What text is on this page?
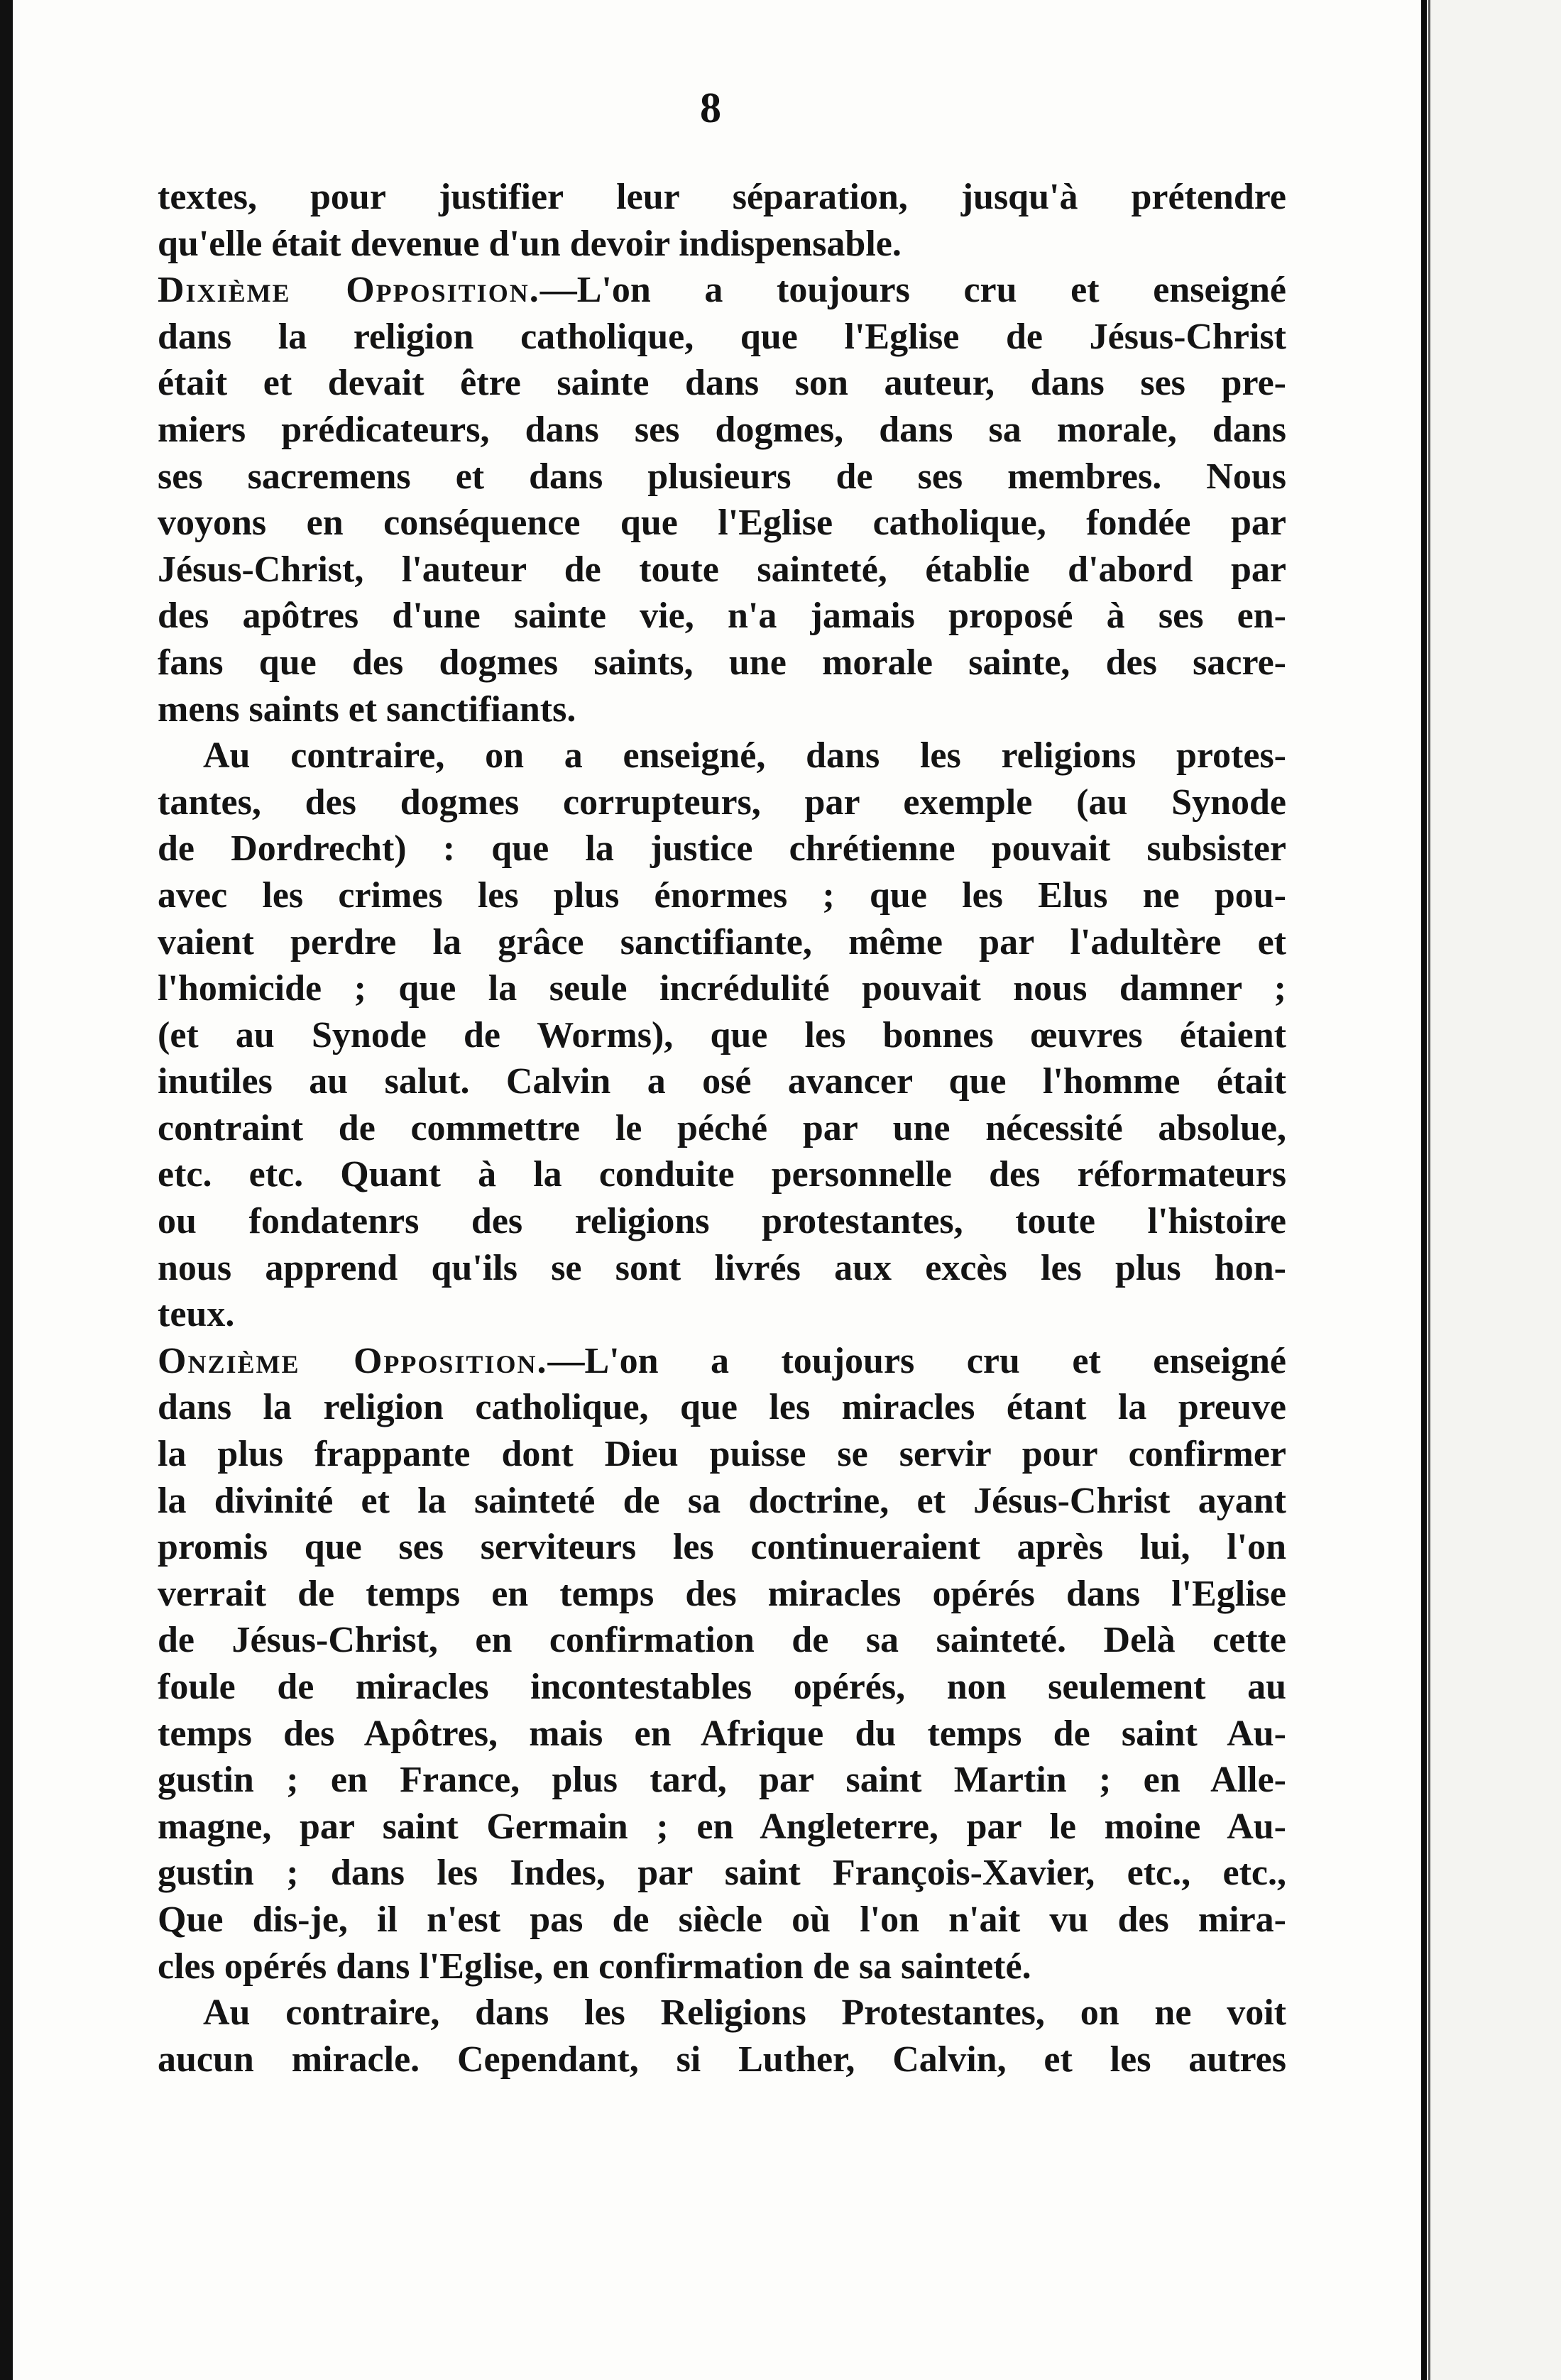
8
textes, pour justifier leur séparation, jusqu'à prétendre
qu'elle était devenue d'un devoir indispensable.
Dixième Opposition.—L'on a toujours cru et enseigné
dans la religion catholique, que l'Eglise de Jésus-Christ
était et devait être sainte dans son auteur, dans ses pre-
miers prédicateurs, dans ses dogmes, dans sa morale, dans
ses sacremens et dans plusieurs de ses membres. Nous
voyons en conséquence que l'Eglise catholique, fondée par
Jésus-Christ, l'auteur de toute sainteté, établie d'abord par
des apôtres d'une sainte vie, n'a jamais proposé à ses en-
fans que des dogmes saints, une morale sainte, des sacre-
mens saints et sanctifiants.
Au contraire, on a enseigné, dans les religions protes-
tantes, des dogmes corrupteurs, par exemple (au Synode
de Dordrecht) : que la justice chrétienne pouvait subsister
avec les crimes les plus énormes ; que les Elus ne pou-
vaient perdre la grâce sanctifiante, même par l'adultère et
l'homicide ; que la seule incrédulité pouvait nous damner ;
(et au Synode de Worms), que les bonnes œuvres étaient
inutiles au salut. Calvin a osé avancer que l'homme était
contraint de commettre le péché par une nécessité absolue,
etc. etc. Quant à la conduite personnelle des réformateurs
ou fondatenrs des religions protestantes, toute l'histoire
nous apprend qu'ils se sont livrés aux excès les plus hon-
teux.
Onzième Opposition.—L'on a toujours cru et enseigné
dans la religion catholique, que les miracles étant la preuve
la plus frappante dont Dieu puisse se servir pour confirmer
la divinité et la sainteté de sa doctrine, et Jésus-Christ ayant
promis que ses serviteurs les continueraient après lui, l'on
verrait de temps en temps des miracles opérés dans l'Eglise
de Jésus-Christ, en confirmation de sa sainteté. Delà cette
foule de miracles incontestables opérés, non seulement au
temps des Apôtres, mais en Afrique du temps de saint Au-
gustin ; en France, plus tard, par saint Martin ; en Alle-
magne, par saint Germain ; en Angleterre, par le moine Au-
gustin ; dans les Indes, par saint François-Xavier, etc., etc.,
Que dis-je, il n'est pas de siècle où l'on n'ait vu des mira-
cles opérés dans l'Eglise, en confirmation de sa sainteté.
Au contraire, dans les Religions Protestantes, on ne voit
aucun miracle. Cependant, si Luther, Calvin, et les autres
